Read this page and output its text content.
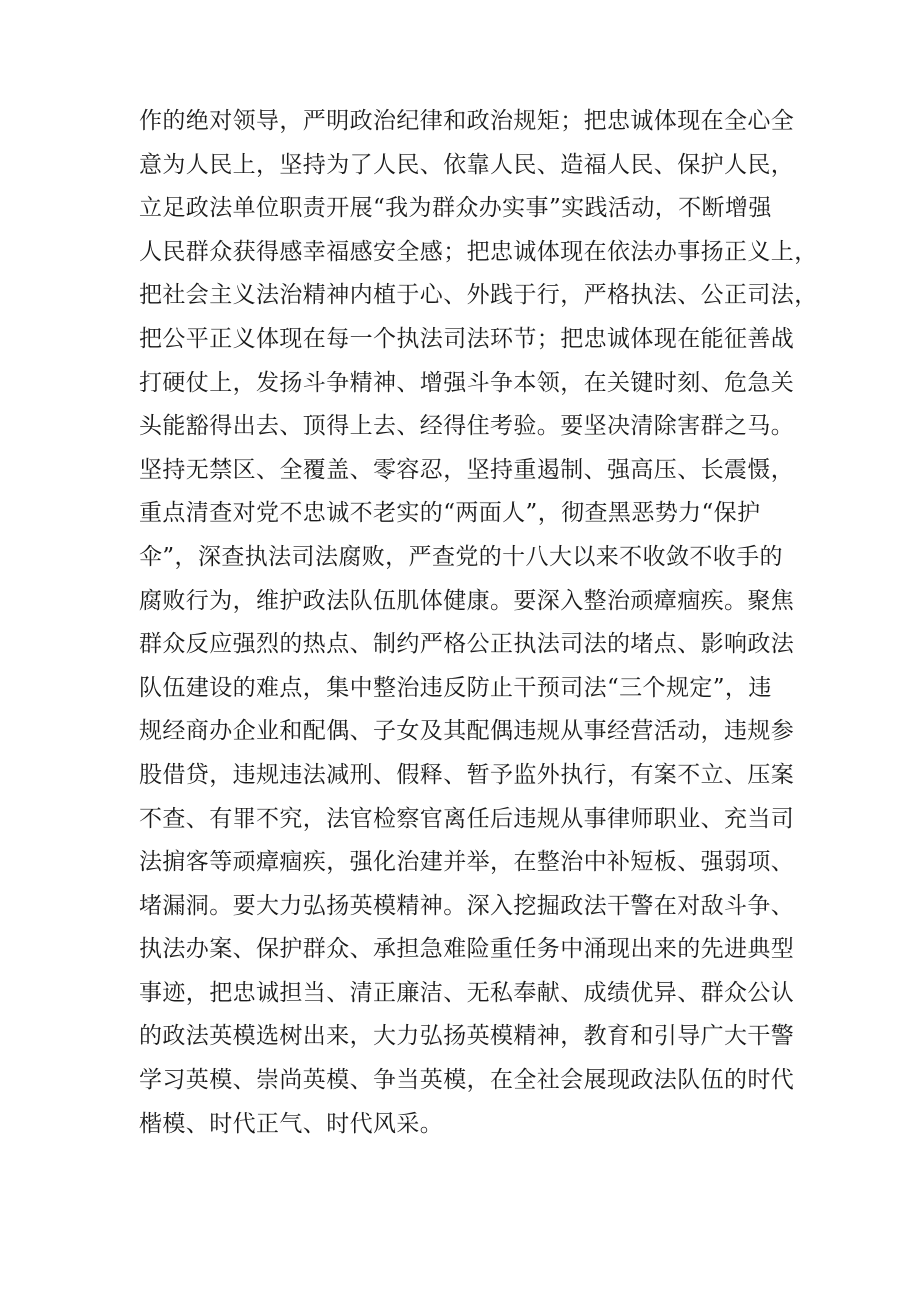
作的绝对领导，严明政治纪律和政治规矩；把忠诚体现在全心全
意为人民上，坚持为了人民、依靠人民、造福人民、保护人民，
立足政法单位职责开展“我为群众办实事”实践活动，不断增强
人民群众获得感幸福感安全感；把忠诚体现在依法办事扬正义上，
把社会主义法治精神内植于心、外践于行，严格执法、公正司法，
把公平正义体现在每一个执法司法环节；把忠诚体现在能征善战
打硬仗上，发扬斗争精神、增强斗争本领，在关键时刻、危急关
头能豁得出去、顶得上去、经得住考验。要坚决清除害群之马。
坚持无禁区、全覆盖、零容忍，坚持重遏制、强高压、长震慑，
重点清查对党不忠诚不老实的“两面人”，彻查黑恶势力“保护
伞”，深查执法司法腐败，严查党的十八大以来不收敛不收手的
腐败行为，维护政法队伍肌体健康。要深入整治顽瘴痼疾。聚焦
群众反应强烈的热点、制约严格公正执法司法的堵点、影响政法
队伍建设的难点，集中整治违反防止干预司法“三个规定”，违
规经商办企业和配偶、子女及其配偶违规从事经营活动，违规参
股借贷，违规违法减刑、假释、暂予监外执行，有案不立、压案
不查、有罪不究，法官检察官离任后违规从事律师职业、充当司
法掮客等顽瘴痼疾，强化治建并举，在整治中补短板、强弱项、
堵漏洞。要大力弘扬英模精神。深入挖掘政法干警在对敌斗争、
执法办案、保护群众、承担急难险重任务中涌现出来的先进典型
事迹，把忠诚担当、清正廉洁、无私奉献、成绩优异、群众公认
的政法英模选树出来，大力弘扬英模精神，教育和引导广大干警
学习英模、崇尚英模、争当英模，在全社会展现政法队伍的时代
楷模、时代正气、时代风采。
